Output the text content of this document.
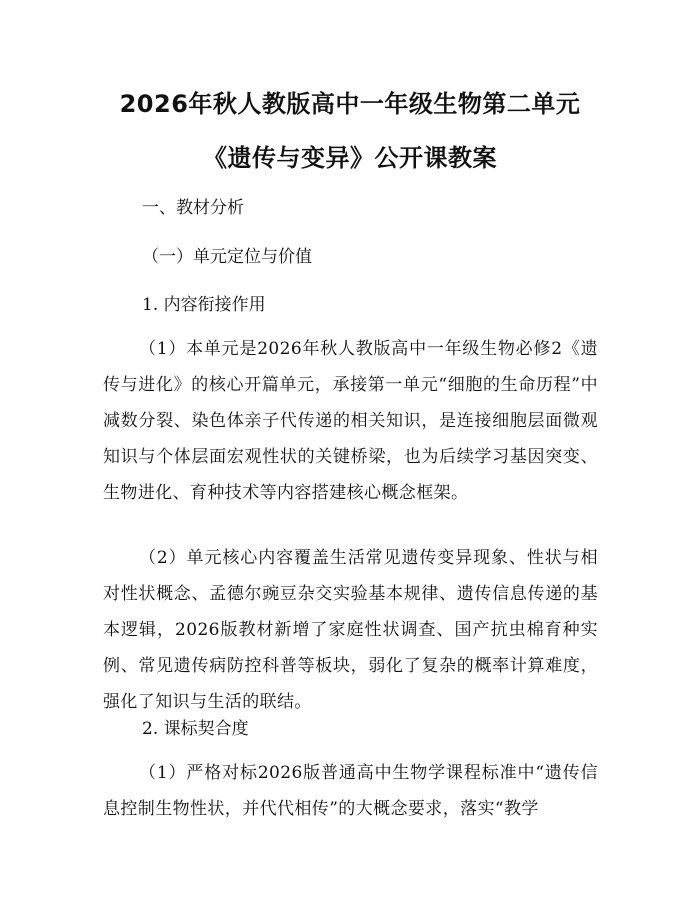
2026年秋人教版高中一年级生物第二单元
《遗传与变异》公开课教案
一、教材分析
（一）单元定位与价值
1. 内容衔接作用

（1）本单元是2026年秋人教版高中一年级生物必修2《遗传与进化》的核心开篇单元，承接第一单元“细胞的生命历程”中减数分裂、染色体亲子代传递的相关知识，是连接细胞层面微观知识与个体层面宏观性状的关键桥梁，也为后续学习基因突变、生物进化、育种技术等内容搭建核心概念框架。

（2）单元核心内容覆盖生活常见遗传变异现象、性状与相对性状概念、孟德尔豌豆杂交实验基本规律、遗传信息传递的基本逻辑，2026版教材新增了家庭性状调查、国产抗虫棉育种实例、常见遗传病防控科普等板块，弱化了复杂的概率计算难度，强化了知识与生活的联结。

2. 课标契合度

（1）严格对标2026版普通高中生物学课程标准中“遗传信息控制生物性状，并代代相传”的大概念要求，落实“教学
